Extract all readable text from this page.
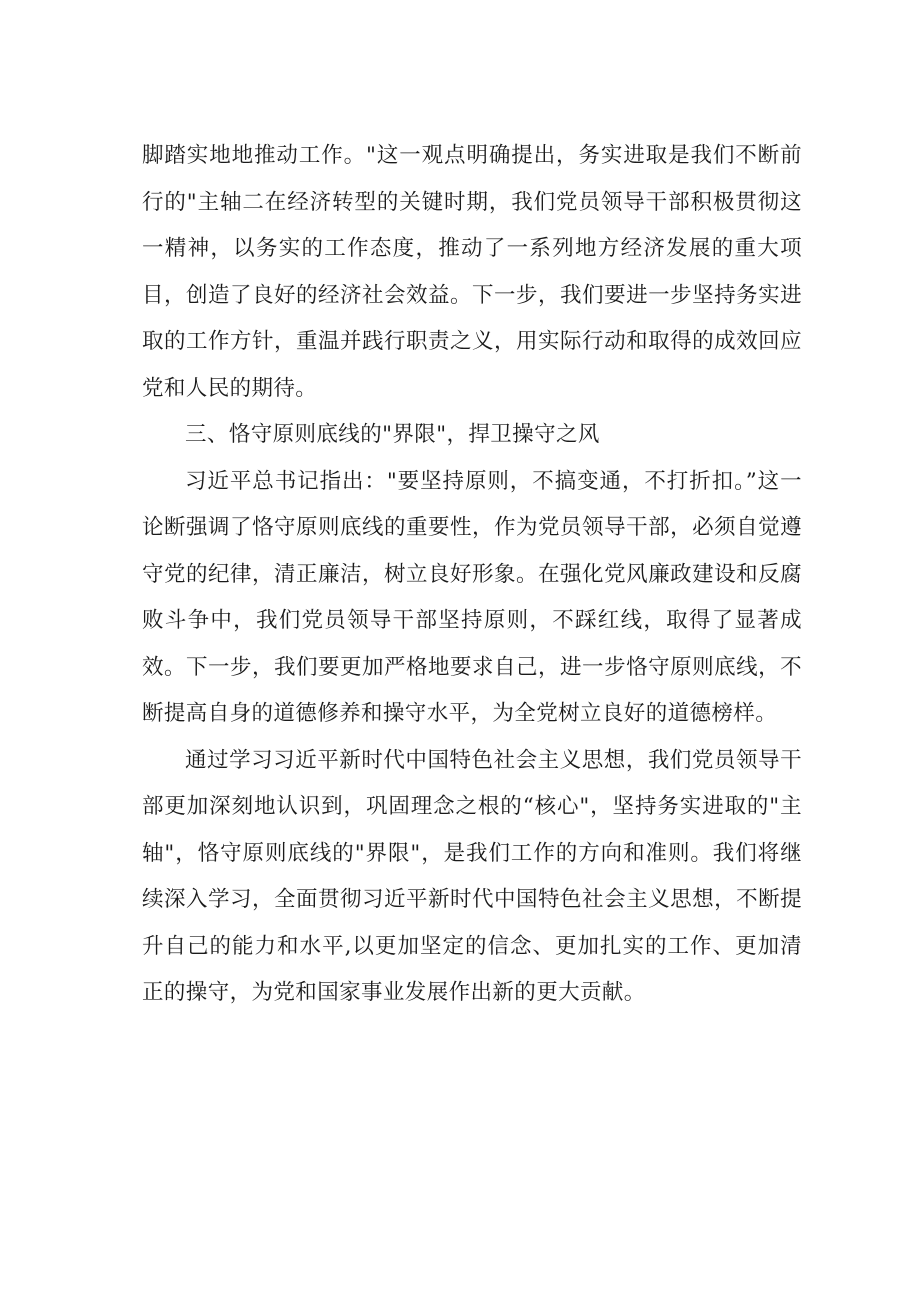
脚踏实地地推动工作。"这一观点明确提出，务实进取是我们不断前行的"主轴二在经济转型的关键时期，我们党员领导干部积极贯彻这一精神，以务实的工作态度，推动了一系列地方经济发展的重大项目，创造了良好的经济社会效益。下一步，我们要进一步坚持务实进取的工作方针，重温并践行职责之义，用实际行动和取得的成效回应党和人民的期待。

三、恪守原则底线的"界限"，捍卫操守之风

习近平总书记指出："要坚持原则，不搞变通，不打折扣。”这一论断强调了恪守原则底线的重要性，作为党员领导干部，必须自觉遵守党的纪律，清正廉洁，树立良好形象。在强化党风廉政建设和反腐败斗争中，我们党员领导干部坚持原则，不踩红线，取得了显著成效。下一步，我们要更加严格地要求自己，进一步恪守原则底线，不断提高自身的道德修养和操守水平，为全党树立良好的道德榜样。

通过学习习近平新时代中国特色社会主义思想，我们党员领导干部更加深刻地认识到，巩固理念之根的“核心"，坚持务实进取的"主轴"，恪守原则底线的"界限"，是我们工作的方向和准则。我们将继续深入学习，全面贯彻习近平新时代中国特色社会主义思想，不断提升自己的能力和水平,以更加坚定的信念、更加扎实的工作、更加清正的操守，为党和国家事业发展作出新的更大贡献。
